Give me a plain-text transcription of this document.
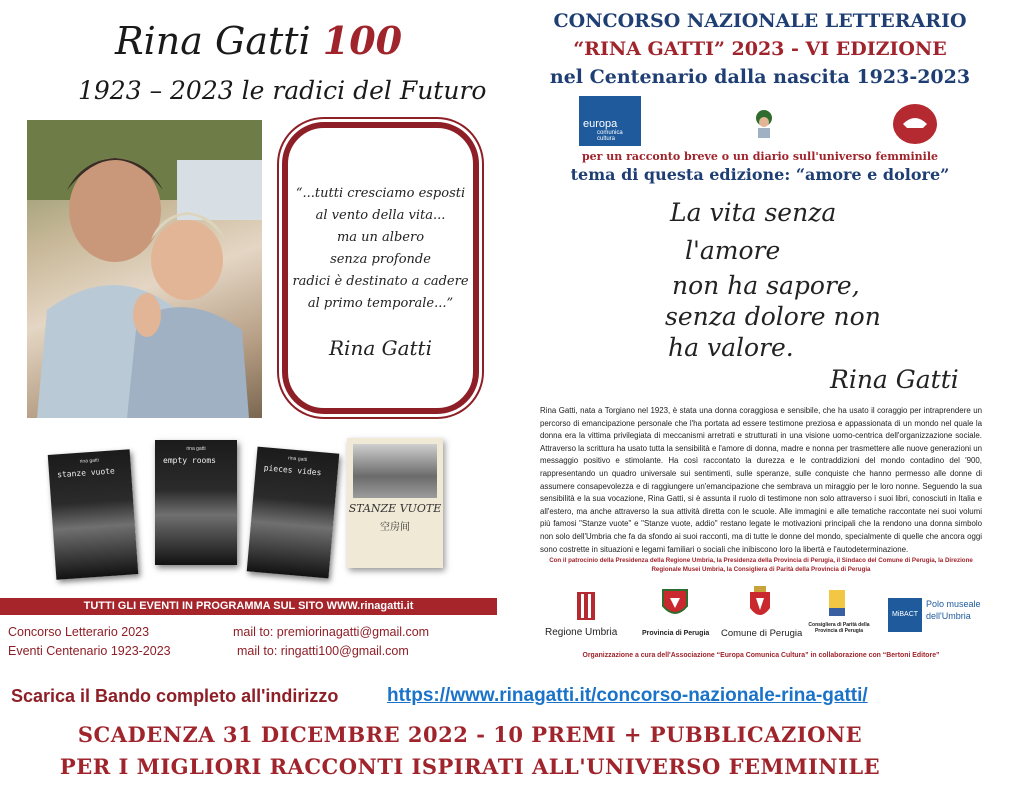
Rina Gatti 100
1923 – 2023 le radici del Futuro
“...tutti cresciamo esposti
al vento della vita...
ma un albero
senza profonde
radici è destinato a cadere
al primo temporale...”
Rina Gatti
rina gatti
stanze vuote
rina gatti
empty rooms	rina gatti
pieces vides
STANZE VUOTE
空房间
TUTTI GLI EVENTI IN PROGRAMMA SUL SITO WWW.rinagatti.it
Concorso Letterario 2023	mail to: premiorinagatti@gmail.com
Eventi Centenario 1923-2023	mail to: ringatti100@gmail.com
CONCORSO NAZIONALE LETTERARIO
“RINA GATTI” 2023 - VI EDIZIONE
nel Centenario dalla nascita 1923-2023
europa
comunica cultura
per un racconto breve o un diario sull'universo femminile
tema di questa edizione: “amore e dolore”
La vita senza
l'amore
non ha sapore,
senza dolore non
ha valore.
Rina Gatti
Rina Gatti, nata a Torgiano nel 1923, è stata una donna coraggiosa e sensibile, che ha usato il coraggio per intraprendere un percorso di emancipazione personale che l'ha portata ad essere testimone preziosa e appassionata di un mondo nel quale la donna era la vittima privilegiata di meccanismi arretrati e strutturati in una visione uomo-centrica dell'organizzazione sociale. Attraverso la scrittura ha usato tutta la sensibilità e l'amore di donna, madre e nonna per trasmettere alle nuove generazioni un messaggio positivo e stimolante. Ha così raccontato la durezza e le contraddizioni del mondo contadino del '900, rappresentando un quadro universale sui sentimenti, sulle speranze, sulle conquiste che hanno permesso alle donne di assumere consapevolezza e di raggiungere un'emancipazione che sembrava un miraggio per le loro nonne. Seguendo la sua sensibilità e la sua vocazione, Rina Gatti, si è assunta il ruolo di testimone non solo attraverso i suoi libri, conosciuti in Italia e all'estero, ma anche attraverso la sua attività diretta con le scuole. Alle immagini e alle tematiche raccontate nei suoi volumi più famosi "Stanze vuote" e "Stanze vuote, addio" restano legate le motivazioni principali che la rendono una donna simbolo non solo dell'Umbria che fa da sfondo ai suoi racconti, ma di tutte le donne del mondo, specialmente di quelle che ancora oggi sono costrette in situazioni e legami familiari o sociali che inibiscono loro la libertà e l'autodeterminazione.
Con il patrocinio della Presidenza della Regione Umbria, la Presidenza della Provincia di Perugia, il Sindaco del Comune di Perugia, la Direzione Regionale Musei Umbria, la Consigliera di Parità della Provincia di Perugia
Regione Umbria	Provincia di Perugia Comune di Perugia
Consigliera di Parità della Provincia di Perugia
MiBACT
Polo museale dell'Umbria
Organizzazione a cura dell'Associazione “Europa Comunica Cultura” in collaborazione con “Bertoni Editore”
Scarica il Bando completo all'indirizzo	https://www.rinagatti.it/concorso-nazionale-rina-gatti/
SCADENZA 31 DICEMBRE 2022 - 10 PREMI + PUBBLICAZIONE
PER I MIGLIORI RACCONTI ISPIRATI ALL'UNIVERSO FEMMINILE
